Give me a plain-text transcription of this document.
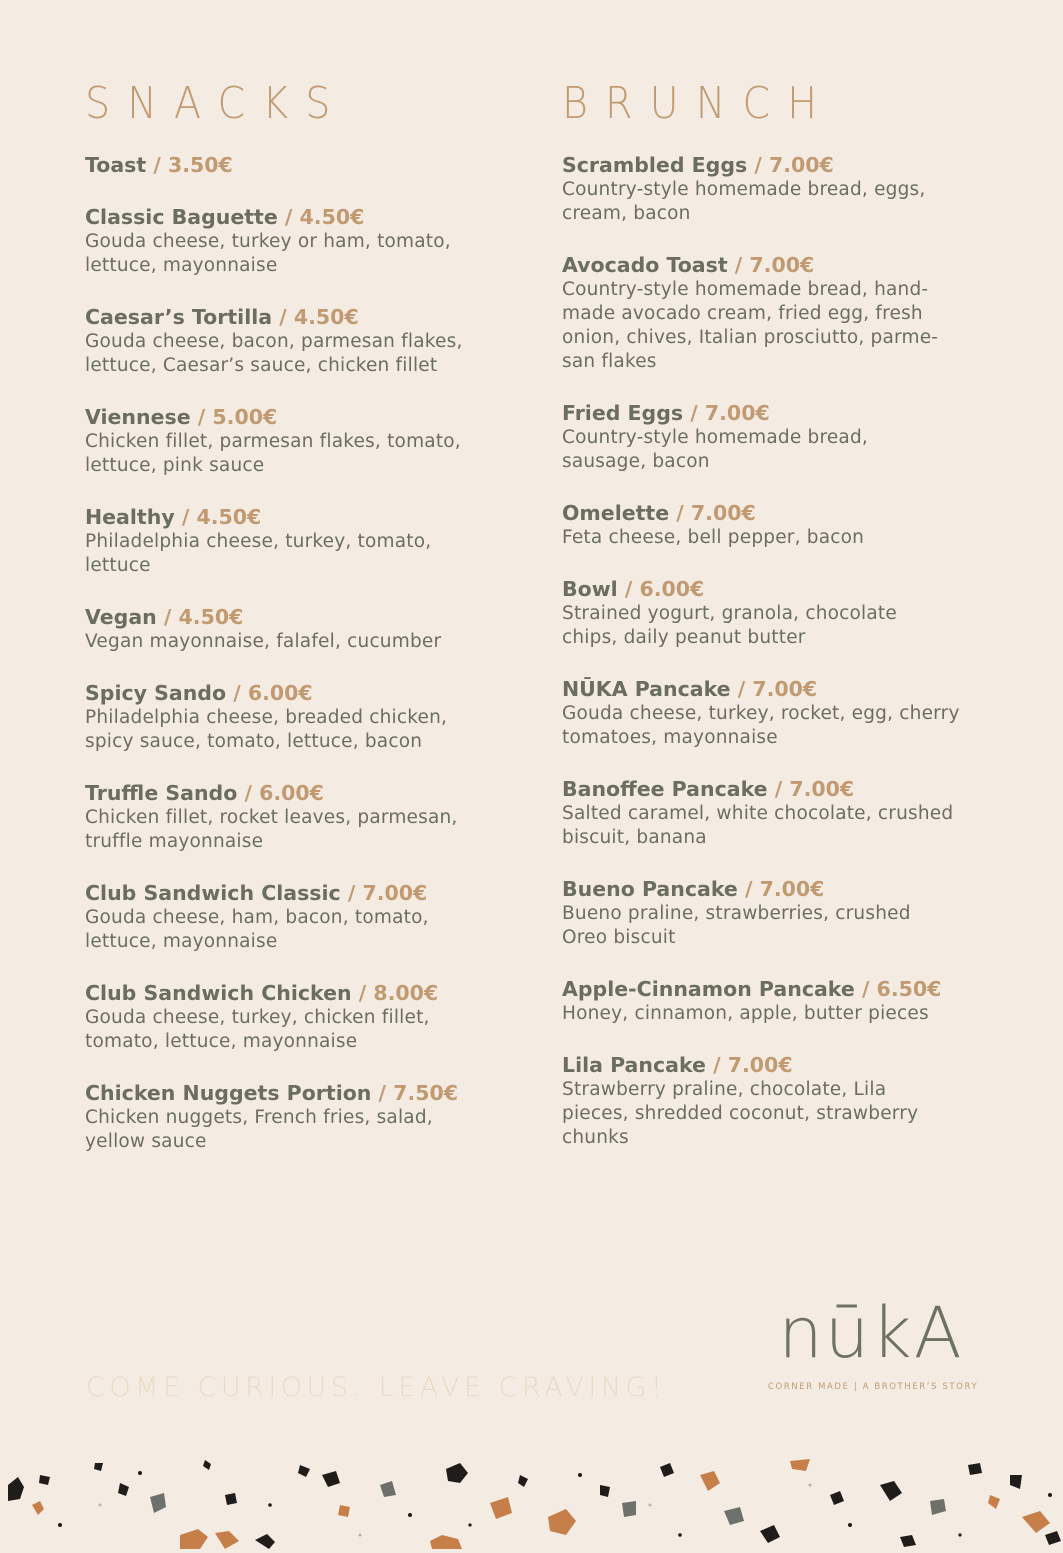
SNACKS
Toast / 3.50€
Classic Baguette / 4.50€
Gouda cheese, turkey or ham, tomato,
lettuce, mayonnaise
Caesar’s Tortilla / 4.50€
Gouda cheese, bacon, parmesan flakes,
lettuce, Caesar’s sauce, chicken fillet
Viennese / 5.00€
Chicken fillet, parmesan flakes, tomato,
lettuce, pink sauce
Healthy / 4.50€
Philadelphia cheese, turkey, tomato,
lettuce
Vegan / 4.50€
Vegan mayonnaise, falafel, cucumber
Spicy Sando / 6.00€
Philadelphia cheese, breaded chicken,
spicy sauce, tomato, lettuce, bacon
Truffle Sando / 6.00€
Chicken fillet, rocket leaves, parmesan,
truffle mayonnaise
Club Sandwich Classic / 7.00€
Gouda cheese, ham, bacon, tomato,
lettuce, mayonnaise
Club Sandwich Chicken / 8.00€
Gouda cheese, turkey, chicken fillet,
tomato, lettuce, mayonnaise
Chicken Nuggets Portion / 7.50€
Chicken nuggets, French fries, salad,
yellow sauce
BRUNCH
Scrambled Eggs / 7.00€
Country-style homemade bread, eggs,
cream, bacon
Avocado Toast / 7.00€
Country-style homemade bread, hand-
made avocado cream, fried egg, fresh
onion, chives, Italian prosciutto, parme-
san flakes
Fried Eggs / 7.00€
Country-style homemade bread,
sausage, bacon
Omelette / 7.00€
Feta cheese, bell pepper, bacon
Bowl / 6.00€
Strained yogurt, granola, chocolate
chips, daily peanut butter
NŪKA Pancake / 7.00€
Gouda cheese, turkey, rocket, egg, cherry
tomatoes, mayonnaise
Banoffee Pancake / 7.00€
Salted caramel, white chocolate, crushed
biscuit, banana
Bueno Pancake / 7.00€
Bueno praline, strawberries, crushed
Oreo biscuit
Apple-Cinnamon Pancake / 6.50€
Honey, cinnamon, apple, butter pieces
Lila Pancake / 7.00€
Strawberry praline, chocolate, Lila
pieces, shredded coconut, strawberry
chunks
COME CURIOUS. LEAVE CRAVING!
nūkA
CORNER MADE | A BROTHER’S STORY
